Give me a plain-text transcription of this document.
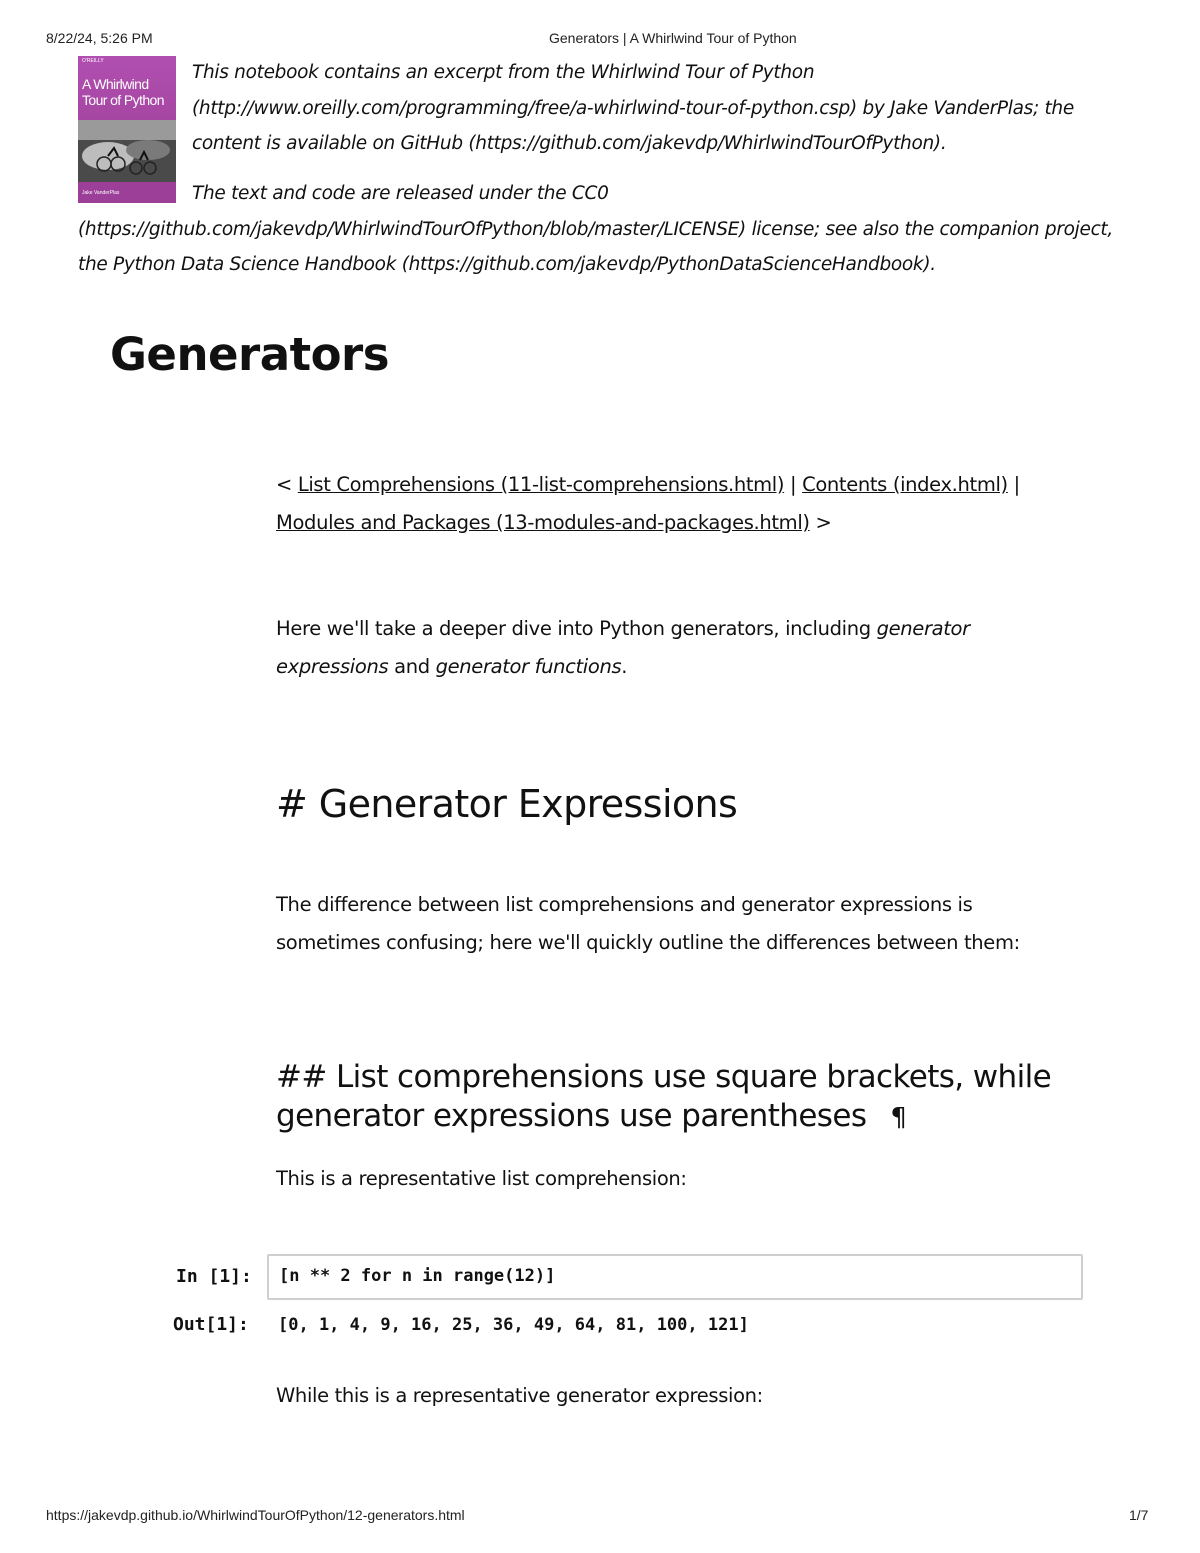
8/22/24, 5:26 PM	Generators | A Whirlwind Tour of Python
O'REILLY
A Whirlwind
Tour of Python
Jake VanderPlas

This notebook contains an excerpt from the Whirlwind Tour of Python (http://www.oreilly.com/programming/free/a-whirlwind-tour-of-python.csp) by Jake VanderPlas; the content is available on GitHub (https://github.com/jakevdp/WhirlwindTourOfPython).

The text and code are released under the CC0 (https://github.com/jakevdp/WhirlwindTourOfPython/blob/master/LICENSE) license; see also the companion project, the Python Data Science Handbook (https://github.com/jakevdp/PythonDataScienceHandbook).

Generators
< List Comprehensions (11-list-comprehensions.html) | Contents (index.html) | Modules and Packages (13-modules-and-packages.html) >
Here we'll take a deeper dive into Python generators, including generator expressions and generator functions.
# Generator Expressions
The difference between list comprehensions and generator expressions is sometimes confusing; here we'll quickly outline the differences between them:
## List comprehensions use square brackets, while generator expressions use parentheses ¶
This is a representative list comprehension:
In [1]: [n ** 2 for n in range(12)]
Out[1]: [0, 1, 4, 9, 16, 25, 36, 49, 64, 81, 100, 121]
While this is a representative generator expression:
https://jakevdp.github.io/WhirlwindTourOfPython/12-generators.html	1/7
